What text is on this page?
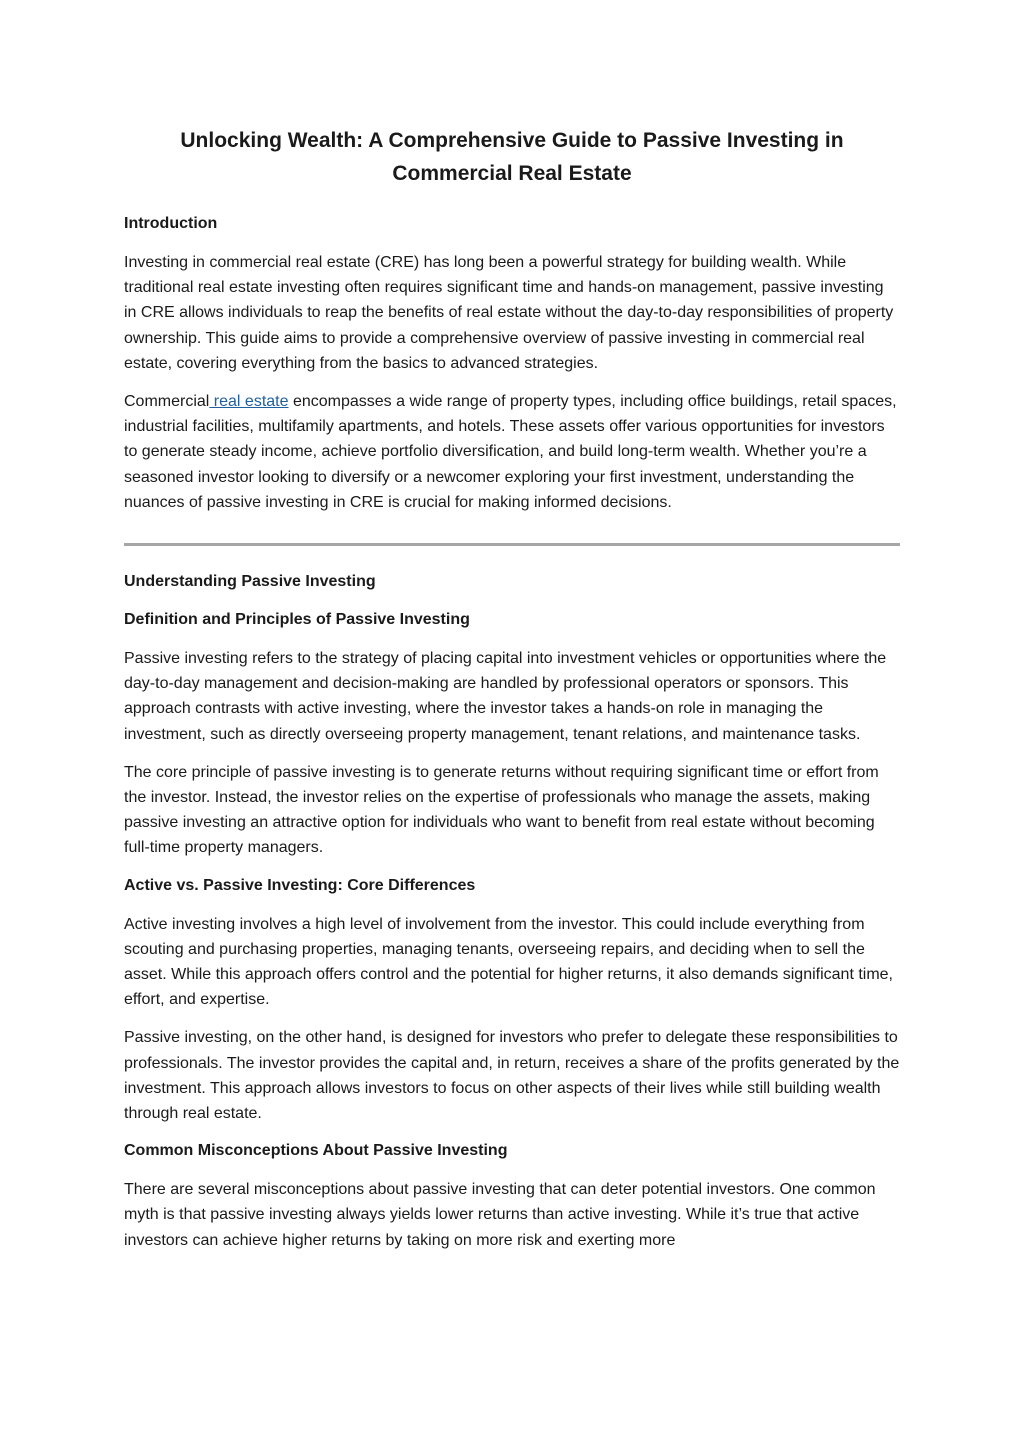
Unlocking Wealth: A Comprehensive Guide to Passive Investing in Commercial Real Estate
Introduction

Investing in commercial real estate (CRE) has long been a powerful strategy for building wealth. While traditional real estate investing often requires significant time and hands-on management, passive investing in CRE allows individuals to reap the benefits of real estate without the day-to-day responsibilities of property ownership. This guide aims to provide a comprehensive overview of passive investing in commercial real estate, covering everything from the basics to advanced strategies.

Commercial real estate encompasses a wide range of property types, including office buildings, retail spaces, industrial facilities, multifamily apartments, and hotels. These assets offer various opportunities for investors to generate steady income, achieve portfolio diversification, and build long-term wealth. Whether you’re a seasoned investor looking to diversify or a newcomer exploring your first investment, understanding the nuances of passive investing in CRE is crucial for making informed decisions.

Understanding Passive Investing
Definition and Principles of Passive Investing

Passive investing refers to the strategy of placing capital into investment vehicles or opportunities where the day-to-day management and decision-making are handled by professional operators or sponsors. This approach contrasts with active investing, where the investor takes a hands-on role in managing the investment, such as directly overseeing property management, tenant relations, and maintenance tasks.

The core principle of passive investing is to generate returns without requiring significant time or effort from the investor. Instead, the investor relies on the expertise of professionals who manage the assets, making passive investing an attractive option for individuals who want to benefit from real estate without becoming full-time property managers.

Active vs. Passive Investing: Core Differences

Active investing involves a high level of involvement from the investor. This could include everything from scouting and purchasing properties, managing tenants, overseeing repairs, and deciding when to sell the asset. While this approach offers control and the potential for higher returns, it also demands significant time, effort, and expertise.

Passive investing, on the other hand, is designed for investors who prefer to delegate these responsibilities to professionals. The investor provides the capital and, in return, receives a share of the profits generated by the investment. This approach allows investors to focus on other aspects of their lives while still building wealth through real estate.

Common Misconceptions About Passive Investing

There are several misconceptions about passive investing that can deter potential investors. One common myth is that passive investing always yields lower returns than active investing. While it’s true that active investors can achieve higher returns by taking on more risk and exerting more
